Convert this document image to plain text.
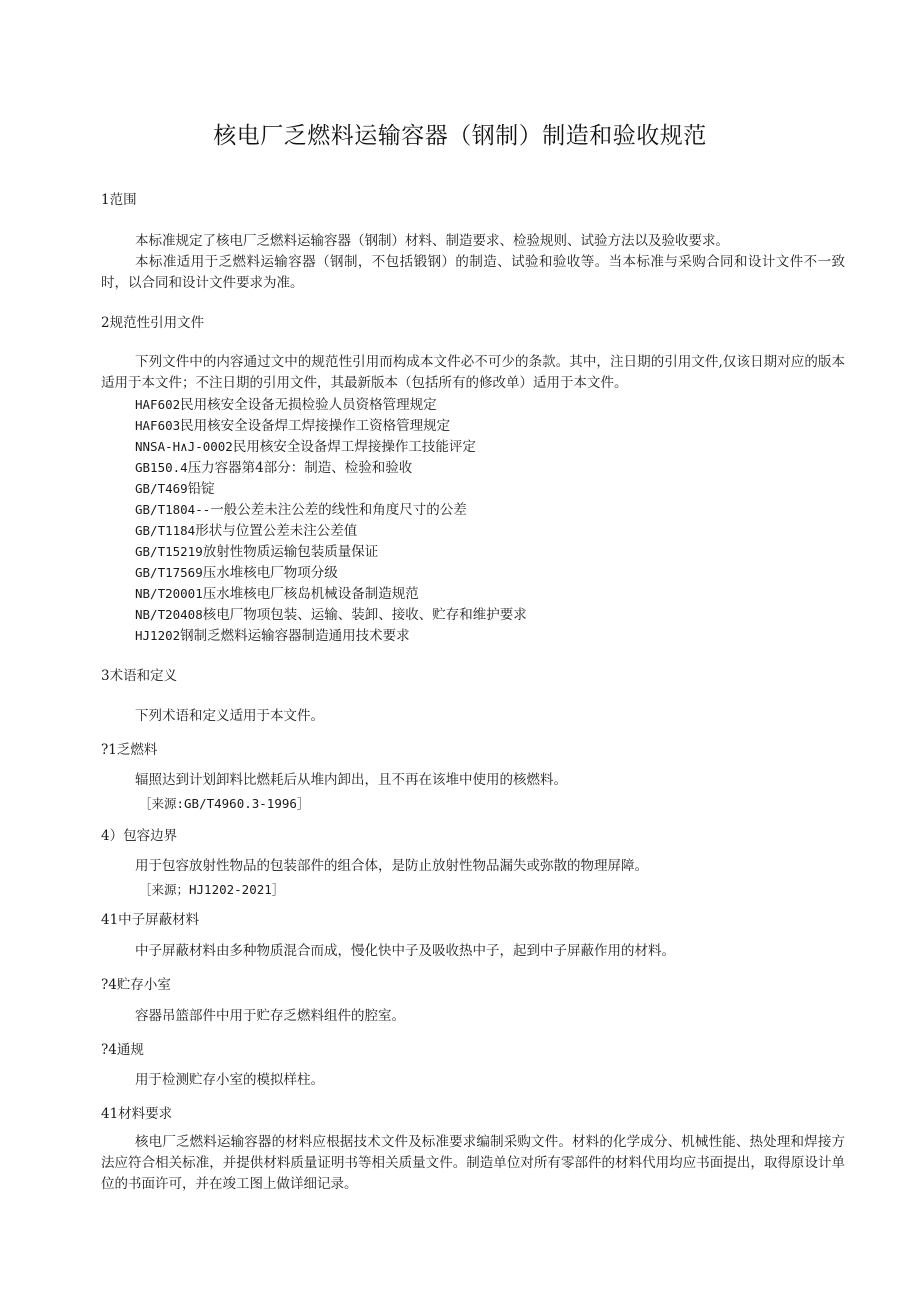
核电厂乏燃料运输容器（钢制）制造和验收规范
1范围
本标准规定了核电厂乏燃料运输容器（钢制）材料、制造要求、检验规则、试验方法以及验收要求。
本标准适用于乏燃料运输容器（钢制，不包括锻钢）的制造、试验和验收等。当本标准与采购合同和设计文件不一致时，以合同和设计文件要求为准。
2规范性引用文件
下列文件中的内容通过文中的规范性引用而构成本文件必不可少的条款。其中，注日期的引用文件,仅该日期对应的版本适用于本文件；不注日期的引用文件，其最新版本（包括所有的修改单）适用于本文件。
HAF602民用核安全设备无损检验人员资格管理规定
HAF603民用核安全设备焊工焊接操作工资格管理规定
NNSA-H∧J-0002民用核安全设备焊工焊接操作工技能评定
GB150.4压力容器第4部分：制造、检验和验收
GB/T469铅锭
GB/T1804--一般公差未注公差的线性和角度尺寸的公差
GB/T1184形状与位置公差未注公差值
GB/T15219放射性物质运输包装质量保证
GB/T17569压水堆核电厂物项分级
NB/T20001压水堆核电厂核岛机械设备制造规范
NB/T20408核电厂物项包装、运输、装卸、接收、贮存和维护要求
HJ1202钢制乏燃料运输容器制造通用技术要求
3术语和定义
下列术语和定义适用于本文件。
?1乏燃料
辐照达到计划卸料比燃耗后从堆内卸出，且不再在该堆中使用的核燃料。
［来源:GB/T4960.3-1996］
4）包容边界
用于包容放射性物品的包装部件的组合体，是防止放射性物品漏失或弥散的物理屏障。
［来源；HJ1202-2021］
41中子屏蔽材料
中子屏蔽材料由多种物质混合而成，慢化快中子及吸收热中子，起到中子屏蔽作用的材料。
?4贮存小室
容器吊篮部件中用于贮存乏燃料组件的腔室。
?4通规
用于检测贮存小室的模拟样柱。
41材料要求
核电厂乏燃料运输容器的材料应根据技术文件及标准要求编制采购文件。材料的化学成分、机械性能、热处理和焊接方法应符合相关标准，并提供材料质量证明书等相关质量文件。制造单位对所有零部件的材料代用均应书面提出，取得原设计单位的书面许可，并在竣工图上做详细记录。
